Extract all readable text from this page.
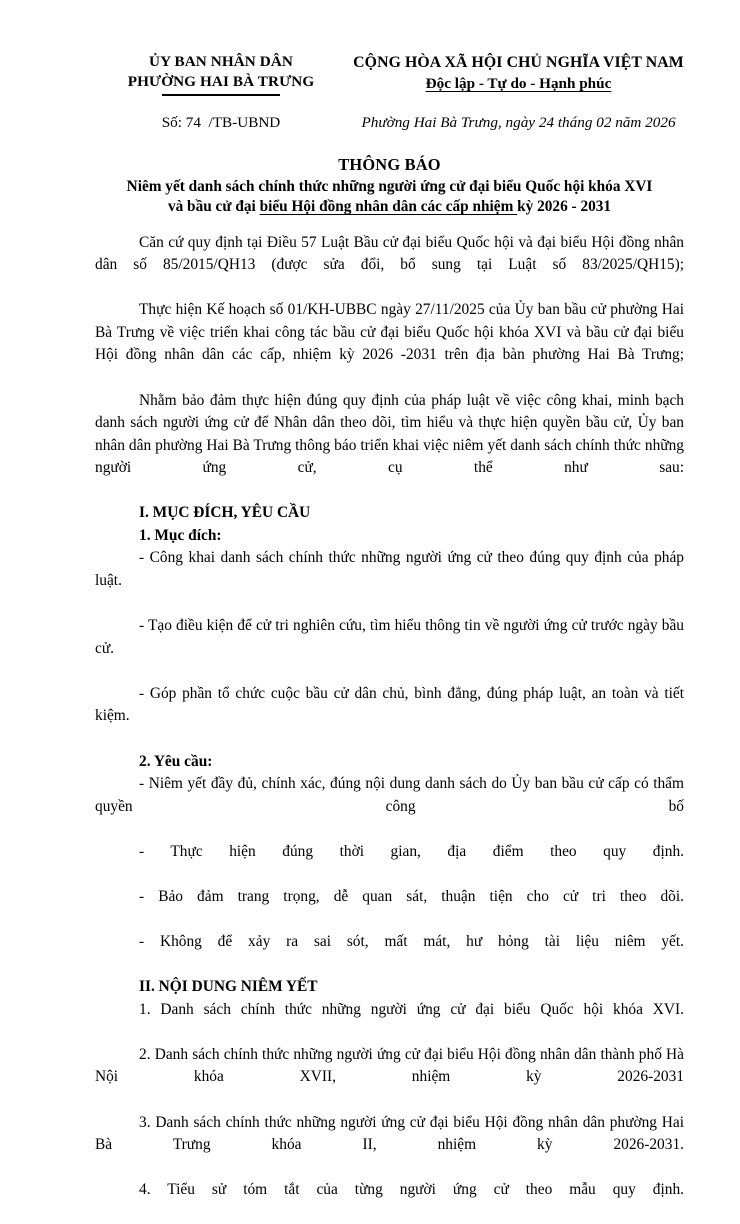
ỦY BAN NHÂN DÂN
PHƯỜNG HAI BÀ TRƯNG
CỘNG HÒA XÃ HỘI CHỦ NGHĨA VIỆT NAM
Độc lập - Tự do - Hạnh phúc
Số: 74  /TB-UBND	Phường Hai Bà Trưng, ngày 24 tháng 02 năm 2026
THÔNG BÁO
Niêm yết danh sách chính thức những người ứng cử đại biểu Quốc hội khóa XVI
và bầu cử đại biểu Hội đồng nhân dân các cấp nhiệm kỳ 2026 - 2031

Căn cứ quy định tại Điều 57 Luật Bầu cử đại biểu Quốc hội và đại biểu Hội đồng nhân dân số 85/2015/QH13 (được sửa đổi, bổ sung tại Luật số 83/2025/QH15);

Thực hiện Kế hoạch số 01/KH-UBBC ngày 27/11/2025 của Ủy ban bầu cử phường Hai Bà Trưng về việc triển khai công tác bầu cử đại biểu Quốc hội khóa XVI và bầu cử đại biểu Hội đồng nhân dân các cấp, nhiệm kỳ 2026 -2031 trên địa bàn phường Hai Bà Trưng;

Nhằm bảo đảm thực hiện đúng quy định của pháp luật về việc công khai, minh bạch danh sách người ứng cử để Nhân dân theo dõi, tìm hiểu và thực hiện quyền bầu cử, Ủy ban nhân dân phường Hai Bà Trưng thông báo triển khai việc niêm yết danh sách chính thức những người ứng cử, cụ thể như sau:

I. MỤC ĐÍCH, YÊU CẦU

1. Mục đích:

- Công khai danh sách chính thức những người ứng cử theo đúng quy định của pháp luật.

- Tạo điều kiện để cử tri nghiên cứu, tìm hiểu thông tin về người ứng cử trước ngày bầu cử.

- Góp phần tổ chức cuộc bầu cử dân chủ, bình đẳng, đúng pháp luật, an toàn và tiết kiệm.

2. Yêu cầu:

- Niêm yết đầy đủ, chính xác, đúng nội dung danh sách do Ủy ban bầu cử cấp có thẩm quyền công bố

- Thực hiện đúng thời gian, địa điểm theo quy định.

- Bảo đảm trang trọng, dễ quan sát, thuận tiện cho cử tri theo dõi.

- Không để xảy ra sai sót, mất mát, hư hỏng tài liệu niêm yết.

II. NỘI DUNG NIÊM YẾT

1. Danh sách chính thức những người ứng cử đại biểu Quốc hội khóa XVI.

2. Danh sách chính thức những người ứng cử đại biểu Hội đồng nhân dân thành phố Hà Nội khóa XVII, nhiệm kỳ 2026-2031

3. Danh sách chính thức những người ứng cử đại biểu Hội đồng nhân dân phường Hai Bà Trưng khóa II, nhiệm kỳ 2026-2031.

4. Tiểu sử tóm tắt của từng người ứng cử theo mẫu quy định.
